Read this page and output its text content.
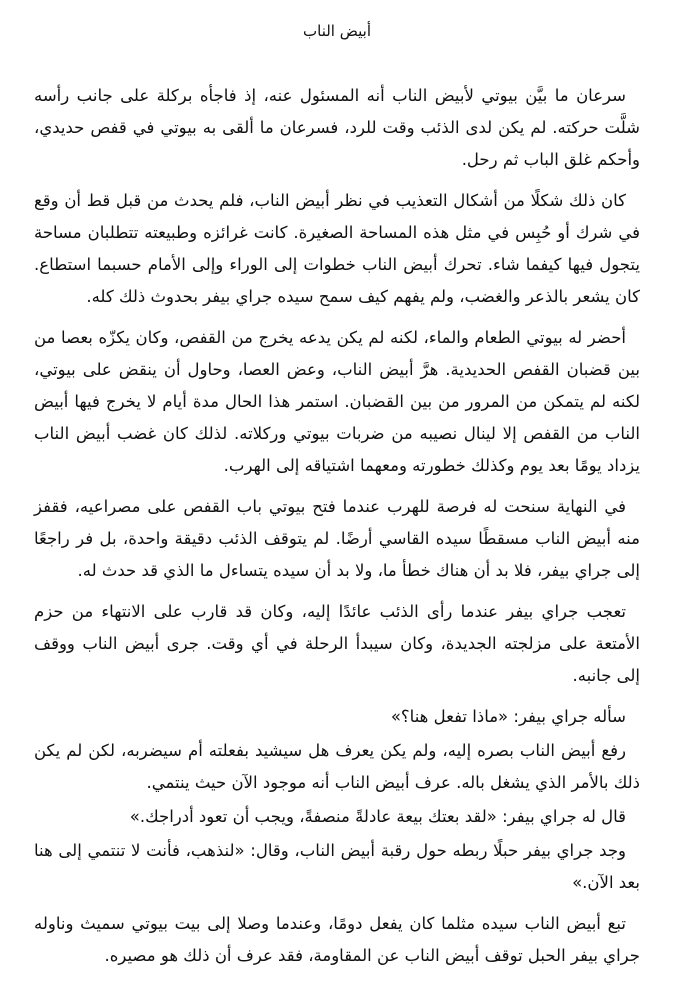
أبيض الناب

سرعان ما بيَّن بيوتي لأبيض الناب أنه المسئول عنه، إذ فاجأه بركلة على جانب رأسه شلَّت حركته. لم يكن لدى الذئب وقت للرد، فسرعان ما ألقى به بيوتي في قفص حديدي، وأحكم غلق الباب ثم رحل.

كان ذلك شكلًا من أشكال التعذيب في نظر أبيض الناب، فلم يحدث من قبل قط أن وقع في شرك أو حُبِس في مثل هذه المساحة الصغيرة. كانت غرائزه وطبيعته تتطلبان مساحة يتجول فيها كيفما شاء. تحرك أبيض الناب خطوات إلى الوراء وإلى الأمام حسبما استطاع. كان يشعر بالذعر والغضب، ولم يفهم كيف سمح سيده جراي بيفر بحدوث ذلك كله.

أحضر له بيوتي الطعام والماء، لكنه لم يكن يدعه يخرج من القفص، وكان يكزّه بعصا من بين قضبان القفص الحديدية. هرَّ أبيض الناب، وعض العصا، وحاول أن ينقض على بيوتي، لكنه لم يتمكن من المرور من بين القضبان. استمر هذا الحال مدة أيام لا يخرج فيها أبيض الناب من القفص إلا لينال نصيبه من ضربات بيوتي وركلاته. لذلك كان غضب أبيض الناب يزداد يومًا بعد يوم وكذلك خطورته ومعهما اشتياقه إلى الهرب.

في النهاية سنحت له فرصة للهرب عندما فتح بيوتي باب القفص على مصراعيه، فقفز منه أبيض الناب مسقطًا سيده القاسي أرضًا. لم يتوقف الذئب دقيقة واحدة، بل فر راجعًا إلى جراي بيفر، فلا بد أن هناك خطأ ما، ولا بد أن سيده يتساءل ما الذي قد حدث له.

تعجب جراي بيفر عندما رأى الذئب عائدًا إليه، وكان قد قارب على الانتهاء من حزم الأمتعة على مزلجته الجديدة، وكان سيبدأ الرحلة في أي وقت. جرى أبيض الناب ووقف إلى جانبه.

سأله جراي بيفر: «ماذا تفعل هنا؟»

رفع أبيض الناب بصره إليه، ولم يكن يعرف هل سيشيد بفعلته أم سيضربه، لكن لم يكن ذلك بالأمر الذي يشغل باله. عرف أبيض الناب أنه موجود الآن حيث ينتمي.

قال له جراي بيفر: «لقد بعتك بيعة عادلةً منصفةً، ويجب أن تعود أدراجك.»

وجد جراي بيفر حبلًا ربطه حول رقبة أبيض الناب، وقال: «لنذهب، فأنت لا تنتمي إلى هنا بعد الآن.»

تبع أبيض الناب سيده مثلما كان يفعل دومًا، وعندما وصلا إلى بيت بيوتي سميث وناوله جراي بيفر الحبل توقف أبيض الناب عن المقاومة، فقد عرف أن ذلك هو مصيره.
